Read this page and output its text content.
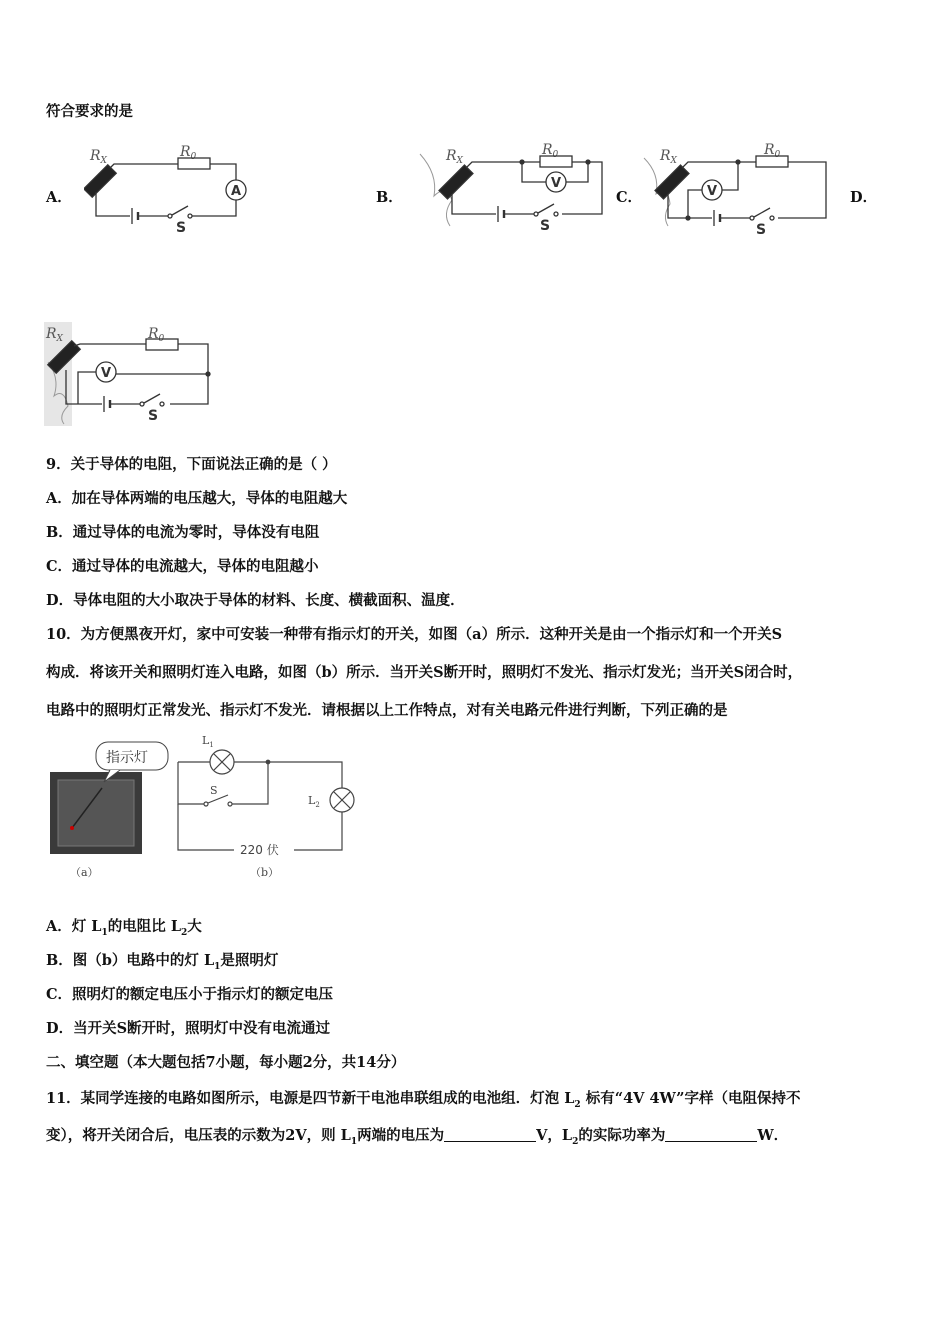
符合要求的是
A．	B．	C．	D．
$R_X$
$R_0$
A
S
$R_X$
$R_0$
V
S
$R_X$
$R_0$
V
S
$R_X$	$R_0$
V
S
9．关于导体的电阻，下面说法正确的是（ ）
A．加在导体两端的电压越大，导体的电阻越大
B．通过导体的电流为零时，导体没有电阻
C．通过导体的电流越大，导体的电阻越小
D．导体电阻的大小取决于导体的材料、长度、横截面积、温度．
10．为方便黑夜开灯，家中可安装一种带有指示灯的开关，如图（a）所示．这种开关是由一个指示灯和一个开关S
构成．将该开关和照明灯连入电路，如图（b）所示．当开关S断开时，照明灯不发光、指示灯发光；当开关S闭合时，
电路中的照明灯正常发光、指示灯不发光．请根据以上工作特点，对有关电路元件进行判断，下列正确的是
指示灯
（a）
$L_1$
S
$L_2$
220 伏
（b）
A．灯 $L_1$的电阻比 $L_2$大
B．图（b）电路中的灯 $L_1$是照明灯
C．照明灯的额定电压小于指示灯的额定电压
D．当开关S断开时，照明灯中没有电流通过
二、填空题（本大题包括7小题，每小题2分，共14分）
11．某同学连接的电路如图所示，电源是四节新干电池串联组成的电池组．灯泡 $L_2$ 标有“4V 4W”字样（电阻保持不
变），将开关闭合后，电压表的示数为2V，则 $L_1$两端的电压为	V，$L_2$的实际功率为	W．
